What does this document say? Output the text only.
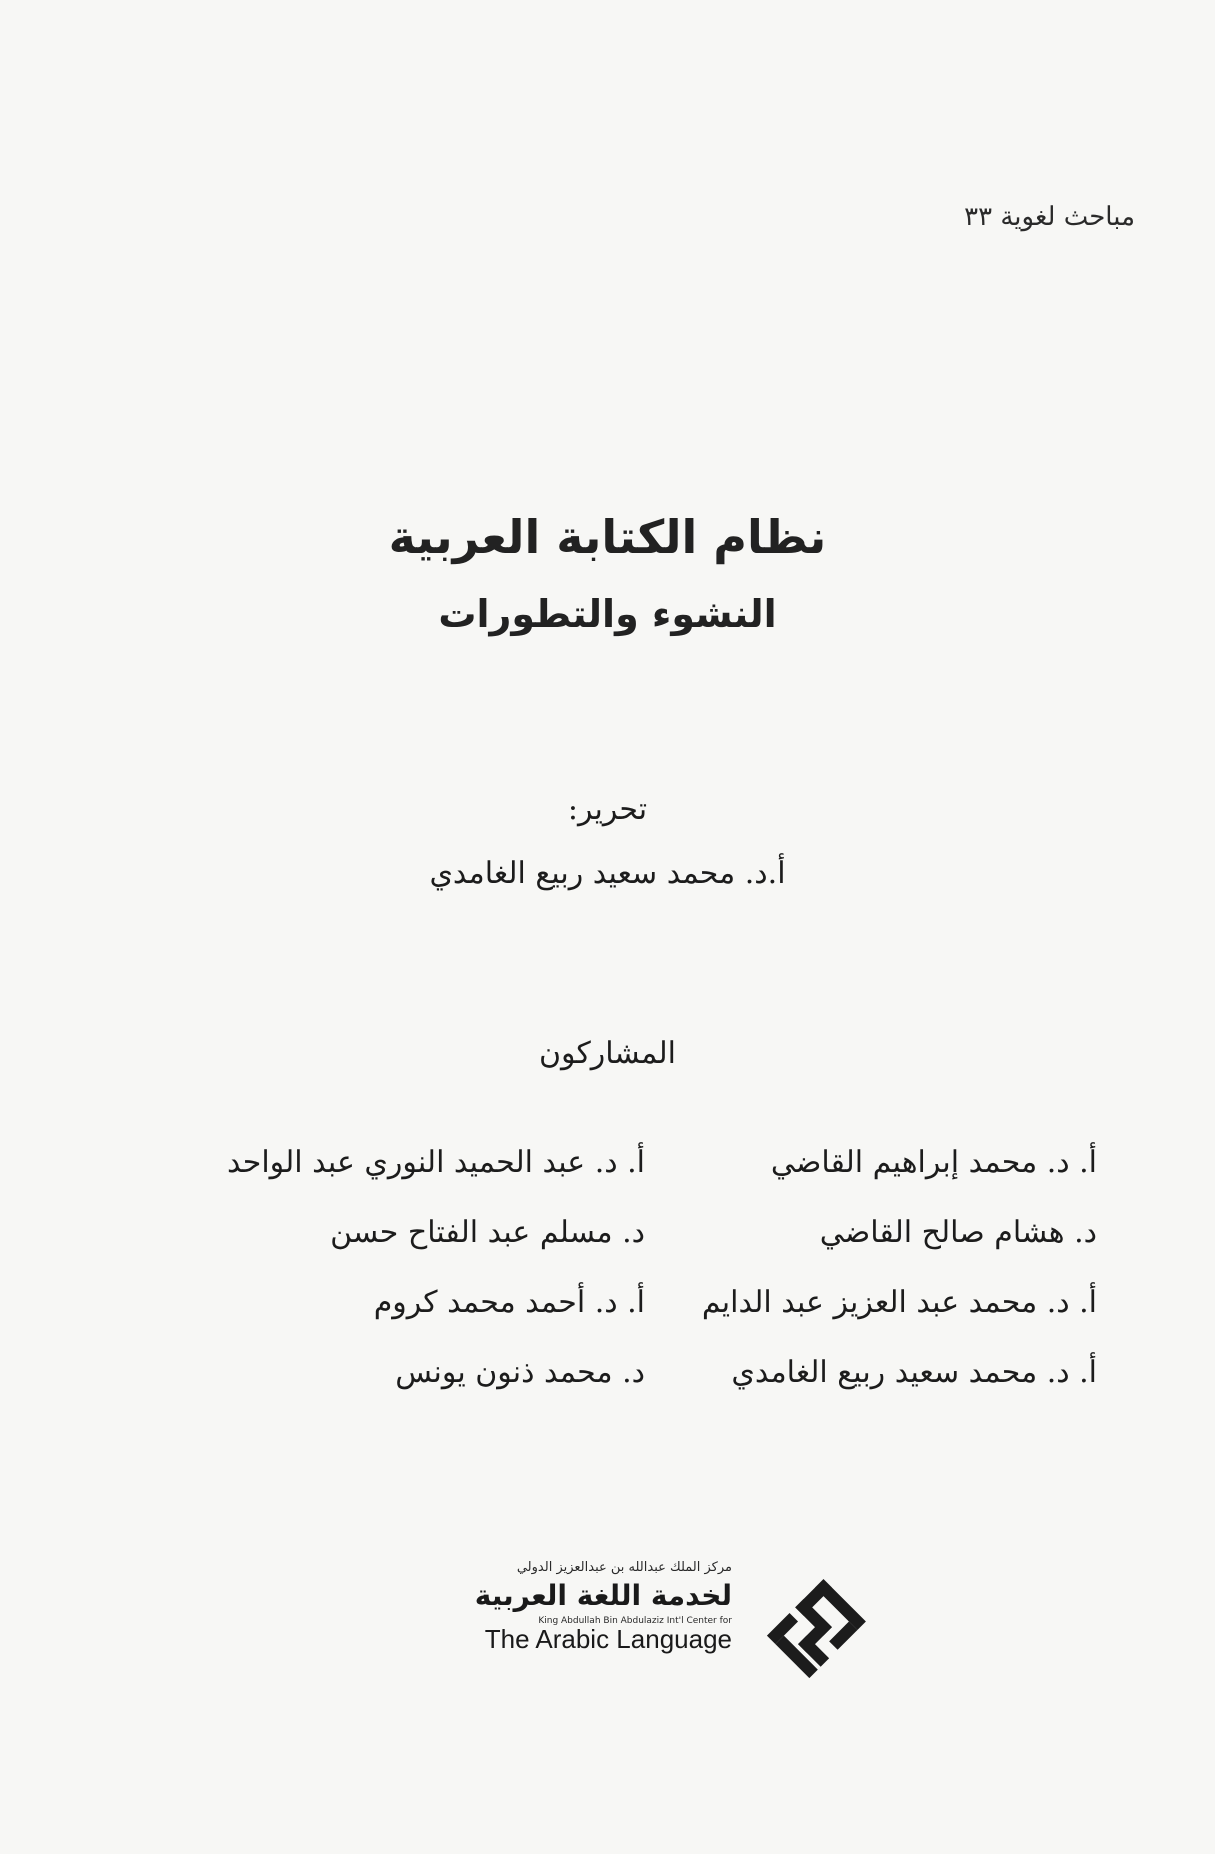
مباحث لغوية ٣٣
نظام الكتابة العربية
النشوء والتطورات
تحرير:
أ.د. محمد سعيد ربيع الغامدي
المشاركون
أ. د. محمد إبراهيم القاضي
د. هشام صالح القاضي
أ. د. محمد عبد العزيز عبد الدايم
أ. د. محمد سعيد ربيع الغامدي
أ. د. عبد الحميد النوري عبد الواحد
د. مسلم عبد الفتاح حسن
أ. د. أحمد محمد كروم
د. محمد ذنون يونس
مركز الملك عبدالله بن عبدالعزيز الدولي
لخدمة اللغة العربية
King Abdullah Bin Abdulaziz Int'l Center for
The Arabic Language
